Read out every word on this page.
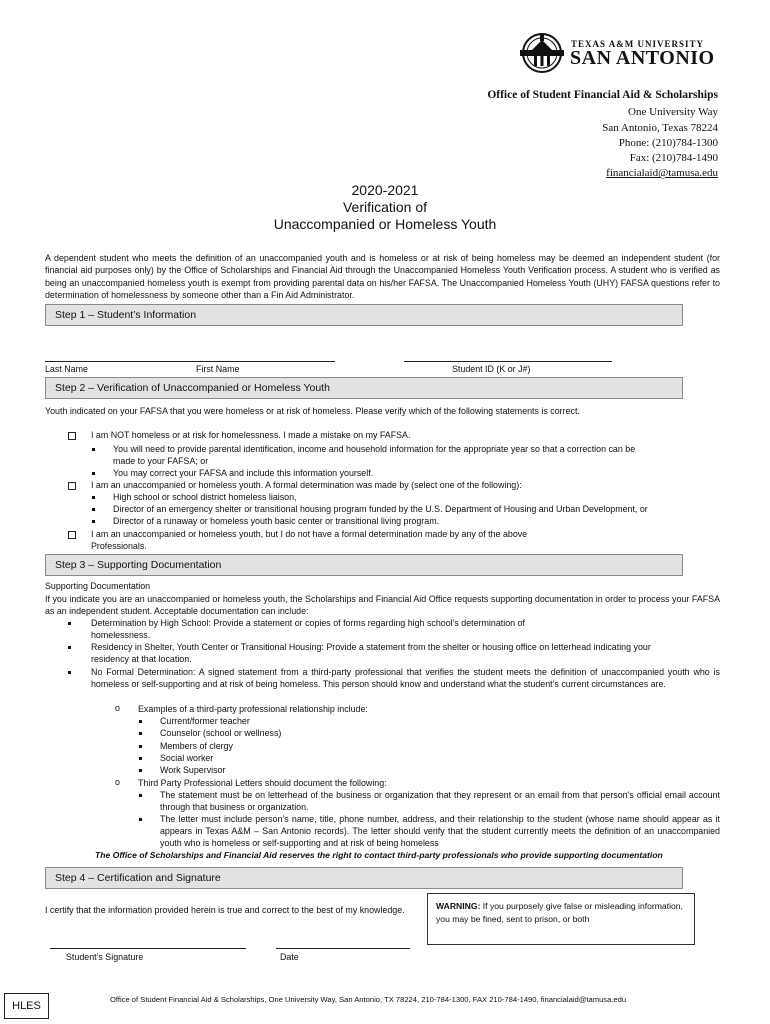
TEXAS A&M UNIVERSITY
SAN ANTONIO
Office of Student Financial Aid & Scholarships
One University Way
San Antonio, Texas 78224
Phone: (210)784-1300
Fax: (210)784-1490
financialaid@tamusa.edu
2020-2021
Verification of
Unaccompanied or Homeless Youth
A dependent student who meets the definition of an unaccompanied youth and is homeless or at risk of being homeless may be deemed an independent student (for financial aid purposes only) by the Office of Scholarships and Financial Aid through the Unaccompanied Homeless Youth Verification process. A student who is verified as being an unaccompanied homeless youth is exempt from providing parental data on his/her FAFSA. The Unaccompanied Homeless Youth (UHY) FAFSA questions refer to determination of homelessness by someone other than a Fin Aid Administrator.
Step 1 – Student’s Information
Last Name	First Name	Student ID (K or J#)
Step 2 – Verification of Unaccompanied or Homeless Youth
Youth indicated on your FAFSA that you were homeless or at risk of homeless. Please verify which of the following statements is correct.
I am NOT homeless or at risk for homelessness. I made a mistake on my FAFSA.
You will need to provide parental identification, income and household information for the appropriate year so that a correction can be
made to your FAFSA; or
You may correct your FAFSA and include this information yourself.
I am an unaccompanied or homeless youth. A formal determination was made by (select one of the following):
High school or school district homeless liaison,
Director of an emergency shelter or transitional housing program funded by the U.S. Department of Housing and Urban Development, or
Director of a runaway or homeless youth basic center or transitional living program.
I am an unaccompanied or homeless youth, but I do not have a formal determination made by any of the above
Professionals.
Step 3 – Supporting Documentation
Supporting Documentation
If you indicate you are an unaccompanied or homeless youth, the Scholarships and Financial Aid Office requests supporting documentation in order to process your FAFSA as an independent student. Acceptable documentation can include:
Determination by High School: Provide a statement or copies of forms regarding high school’s determination of
homelessness.
Residency in Shelter, Youth Center or Transitional Housing: Provide a statement from the shelter or housing office on letterhead indicating your
residency at that location.
No Formal Determination: A signed statement from a third-party professional that verifies the student meets the definition of unaccompanied youth who is homeless or self-supporting and at risk of being homeless. This person should know and understand what the student’s current circumstances are.
o Examples of a third-party professional relationship include:
Current/former teacher
Counselor (school or wellness)
Members of clergy
Social worker
Work Supervisor
o Third Party Professional Letters should document the following:
The statement must be on letterhead of the business or organization that they represent or an email from that person’s official email account through that business or organization.
The letter must include person’s name, title, phone number, address, and their relationship to the student (whose name should appear as it appears in Texas A&M – San Antonio records). The letter should verify that the student currently meets the definition of an unaccompanied youth who is homeless or self-supporting and at risk of being homeless
The Office of Scholarships and Financial Aid reserves the right to contact third-party professionals who provide supporting documentation
Step 4 – Certification and Signature
I certify that the information provided herein is true and correct to the best of my knowledge.	WARNING: If you purposely give false or misleading information, you may be fined, sent to prison, or both
Student’s Signature	Date
HLES
Office of Student Financial Aid & Scholarships, One University Way, San Antonio, TX 78224, 210-784-1300, FAX 210-784-1490, financialaid@tamusa.edu
